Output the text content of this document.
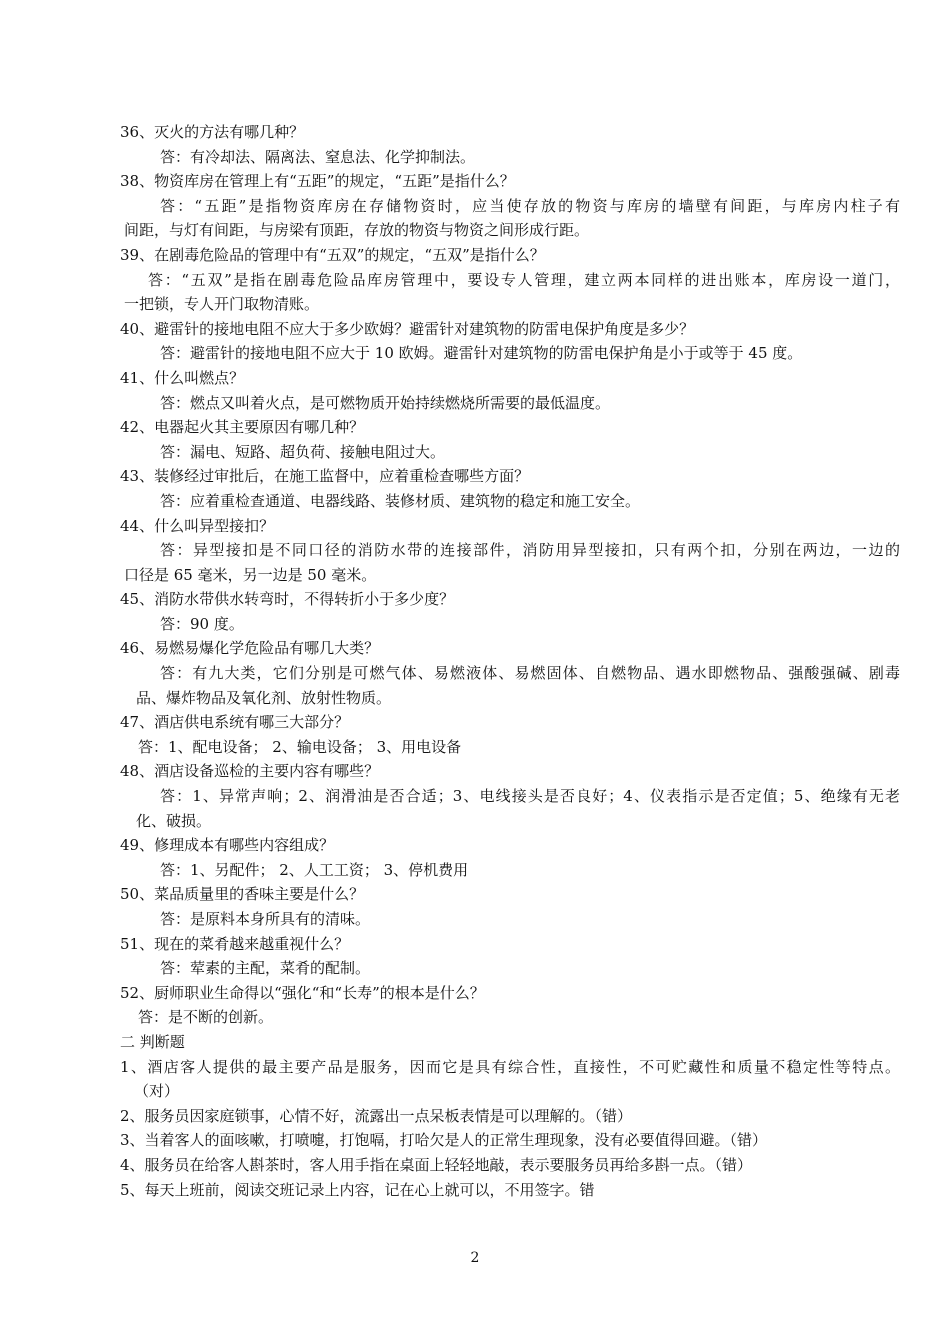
36、灭火的方法有哪几种？
答：有冷却法、隔离法、窒息法、化学抑制法。
38、物资库房在管理上有“五距”的规定，“五距”是指什么？
答：“五距”是指物资库房在存储物资时，应当使存放的物资与库房的墙壁有间距，与库房内柱子有
间距，与灯有间距，与房梁有顶距，存放的物资与物资之间形成行距。
39、在剧毒危险品的管理中有“五双”的规定，“五双”是指什么？
答：“五双”是指在剧毒危险品库房管理中，要设专人管理，建立两本同样的进出账本，库房设一道门，
一把锁，专人开门取物清账。
40、避雷针的接地电阻不应大于多少欧姆？避雷针对建筑物的防雷电保护角度是多少？
答：避雷针的接地电阻不应大于 10 欧姆。避雷针对建筑物的防雷电保护角是小于或等于 45 度。
41、什么叫燃点？
答：燃点又叫着火点，是可燃物质开始持续燃烧所需要的最低温度。
42、电器起火其主要原因有哪几种？
答：漏电、短路、超负荷、接触电阻过大。
43、装修经过审批后，在施工监督中，应着重检查哪些方面？
答：应着重检查通道、电器线路、装修材质、建筑物的稳定和施工安全。
44、什么叫异型接扣？
答：异型接扣是不同口径的消防水带的连接部件，消防用异型接扣，只有两个扣，分别在两边，一边的
口径是 65 毫米，另一边是 50 毫米。
45、消防水带供水转弯时，不得转折小于多少度？
答：90 度。
46、易燃易爆化学危险品有哪几大类？
答：有九大类，它们分别是可燃气体、易燃液体、易燃固体、自燃物品、遇水即燃物品、强酸强碱、剧毒
品、爆炸物品及氧化剂、放射性物质。
47、酒店供电系统有哪三大部分？
答：1、配电设备； 2、输电设备； 3、用电设备
48、酒店设备巡检的主要内容有哪些？
答：1、异常声响；2、润滑油是否合适；3、电线接头是否良好；4、仪表指示是否定值；5、绝缘有无老
化、破损。
49、修理成本有哪些内容组成？
答：1、另配件； 2、人工工资； 3、停机费用
50、菜品质量里的香味主要是什么？
答：是原料本身所具有的清味。
51、现在的菜肴越来越重视什么？
答：荤素的主配，菜肴的配制。
52、厨师职业生命得以“强化“和“长寿”的根本是什么？
答：是不断的创新。
二 判断题
1、酒店客人提供的最主要产品是服务，因而它是具有综合性，直接性，不可贮藏性和质量不稳定性等特点。
（对）
2、服务员因家庭锁事，心情不好，流露出一点呆板表情是可以理解的。（错）
3、当着客人的面咳嗽，打喷嚏，打饱嗝，打哈欠是人的正常生理现象，没有必要值得回避。（错）
4、服务员在给客人斟茶时，客人用手指在桌面上轻轻地敲，表示要服务员再给多斟一点。（错）
5、每天上班前，阅读交班记录上内容，记在心上就可以，不用签字。错
2
